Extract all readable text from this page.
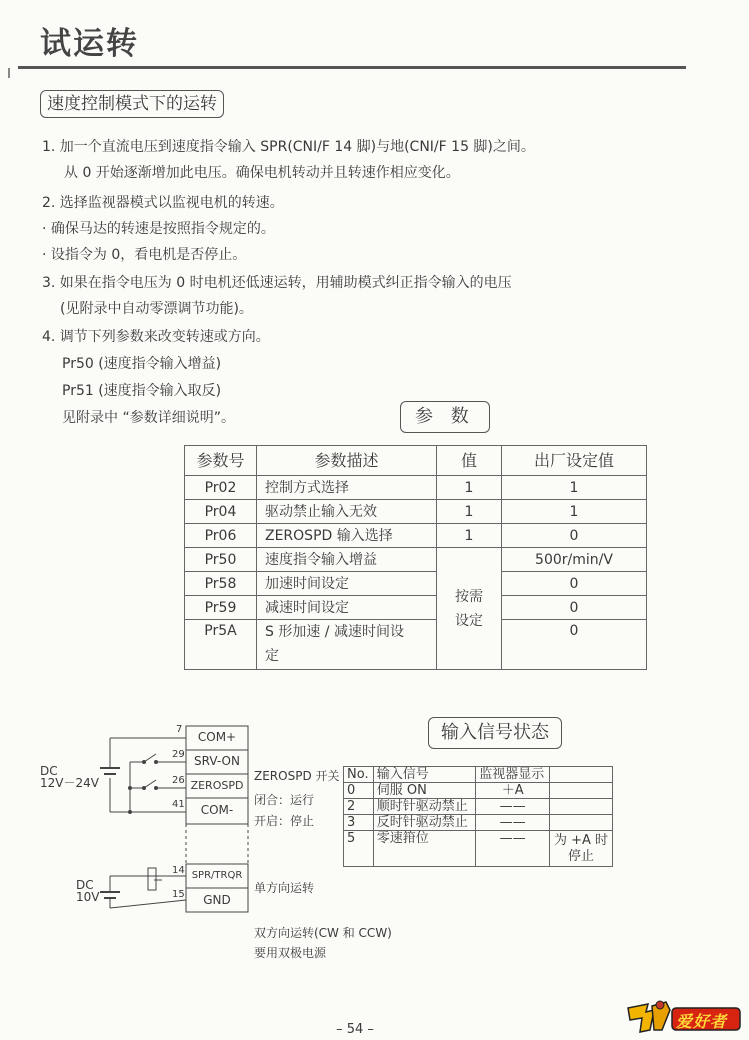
试运转
速度控制模式下的运转
1. 加一个直流电压到速度指令输入 SPR(CNI/F 14 脚)与地(CNI/F 15 脚)之间。
从 0 开始逐渐增加此电压。确保电机转动并且转速作相应变化。
2. 选择监视器模式以监视电机的转速。
· 确保马达的转速是按照指令规定的。
· 设指令为 0，看电机是否停止。
3. 如果在指令电压为 0 时电机还低速运转，用辅助模式纠正指令输入的电压
(见附录中自动零漂调节功能)。
4. 调节下列参数来改变转速或方向。
Pr50 (速度指令输入增益)
Pr51 (速度指令输入取反)
见附录中 “参数详细说明”。	参 数
参数号	参数描述	值	出厂设定值
Pr02	控制方式选择	1	1
Pr04	驱动禁止输入无效	1	1
Pr06	ZEROSPD 输入选择	1	0
Pr50	速度指令输入增益	按需设定	500r/min/V
Pr58	加速时间设定		0
Pr59	减速时间设定		0
Pr5A	S 形加速 / 减速时间设定		0
DC
12V－24V
DC
10V
7
COM+
29 SRV-ON
26 ZEROSPD
41	COM-
14 SPR/TRQR
15	GND
ZEROSPD 开关
闭合：运行
开启：停止
单方向运转
双方向运转(CW 和 CCW)
要用双极电源
输入信号状态
No.	输入信号	监视器显示	
0	伺服 ON	＋A	
2	顺时针驱动禁止	——	
3	反时针驱动禁止	——	
5	零速箝位	——	为 +A 时停止
– 54 –	爱好者
